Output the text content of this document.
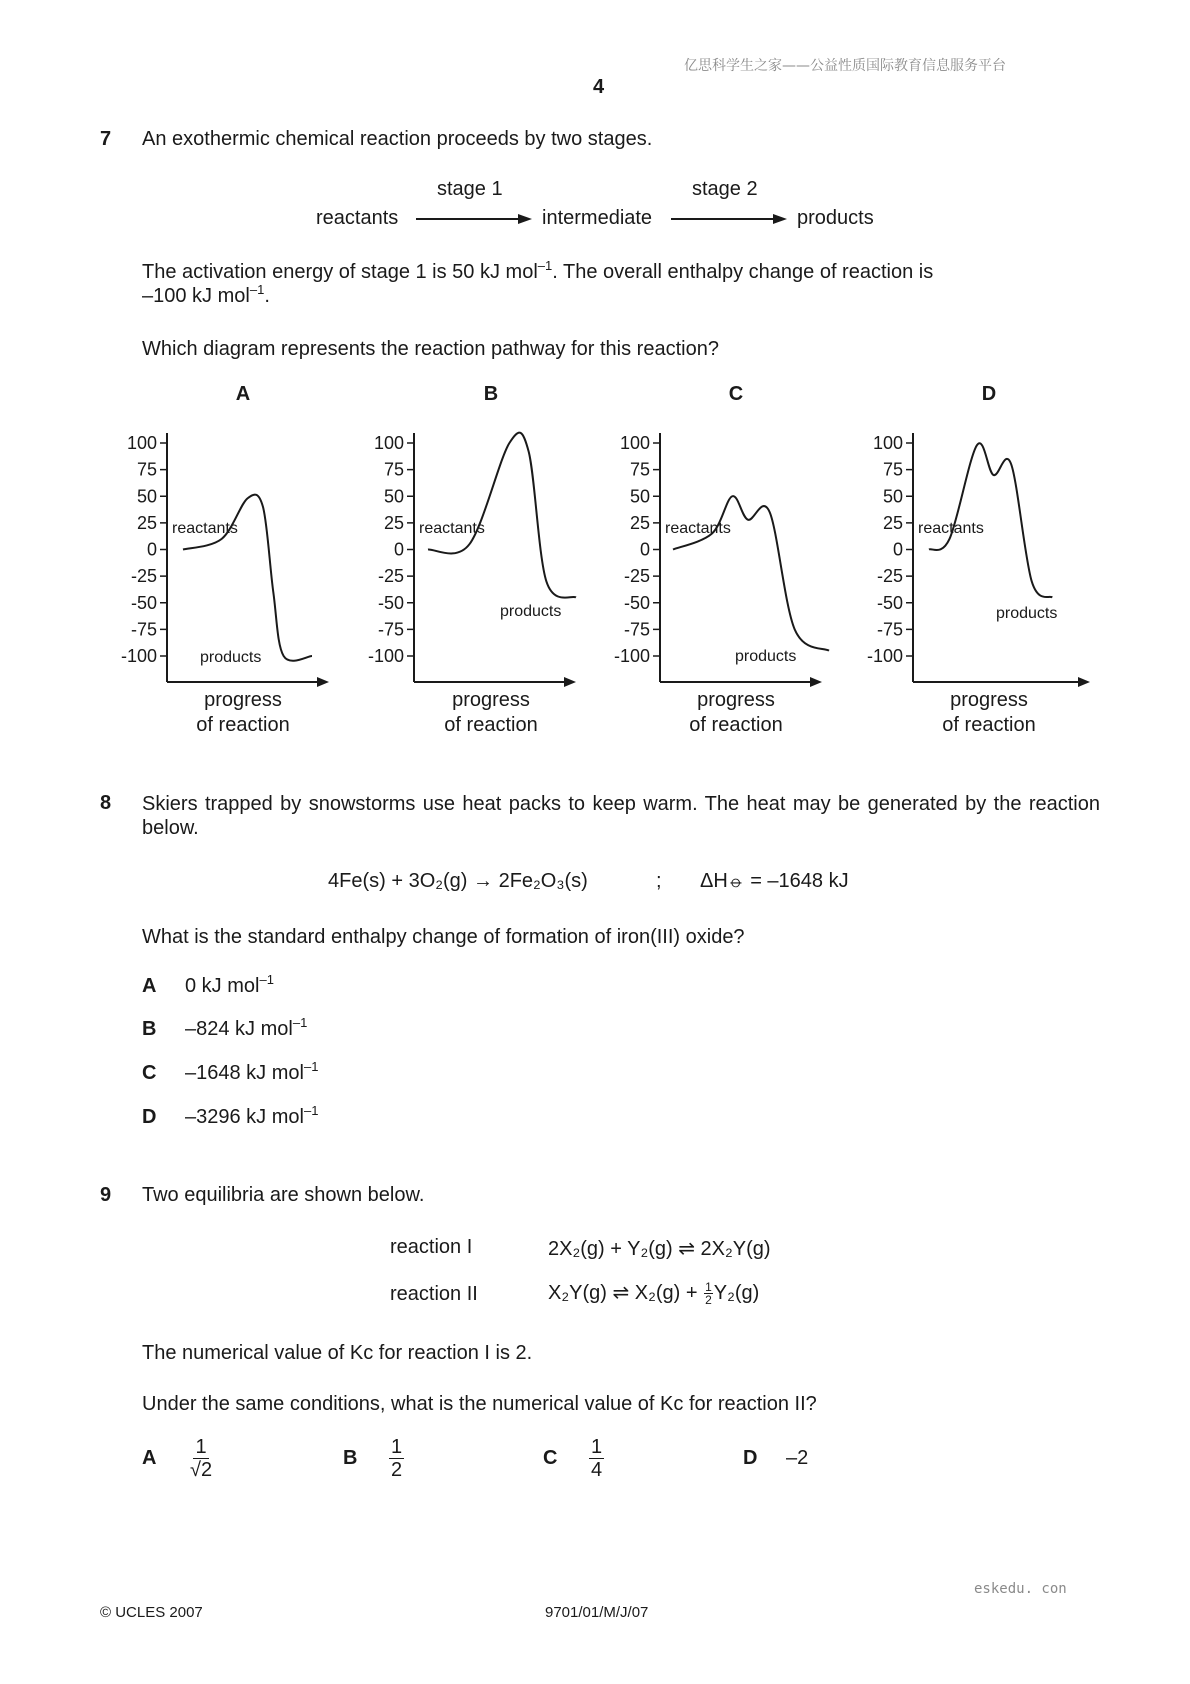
亿思科学生之家——公益性质国际教育信息服务平台
4
7 An exothermic chemical reaction proceeds by two stages.
stage 1	stage 2
reactants	intermediate	products
The activation energy of stage 1 is 50 kJ mol$^{-1}$. The overall enthalpy change of reaction is
–100 kJ mol$^{-1}$.
Which diagram represents the reaction pathway for this reaction?
A
100
75
50
25
0
-25
-50
-75
-100
reactants
products
progress
of reaction
B
100
75
50
25
0
-25
-50
-75
-100
reactants
products
progress
of reaction
C
100
75
50
25
0
-25
-50
-75
-100
reactants
products
progress
of reaction
D
100
75
50
25
0
-25
-50
-75
-100
reactants
products
progress
of reaction
8 Skiers trapped by snowstorms use heat packs to keep warm. The heat may be generated by the reaction below.
4Fe(s) + 3O₂(g) → 2Fe₂O₃(s)	; ΔH⦵ = –1648 kJ
What is the standard enthalpy change of formation of iron(III) oxide?
A 0 kJ mol$^{-1}$
B –824 kJ mol$^{-1}$
C –1648 kJ mol$^{-1}$
D –3296 kJ mol$^{-1}$
9 Two equilibria are shown below.
reaction I	2X₂(g) + Y₂(g) ⇌ 2X₂Y(g)
reaction II	X₂Y(g) ⇌ $X_2(g) + \frac{1}{2} Y_2(g)$
The numerical value of Kc for reaction I is 2.
Under the same conditions, what is the numerical value of Kc for reaction II?
A $\frac{1}{√2}$	B $\frac{1}{2}$	C $\frac{1}{4}$	D –2
eskedu. con
© UCLES 2007	9701/01/M/J/07
